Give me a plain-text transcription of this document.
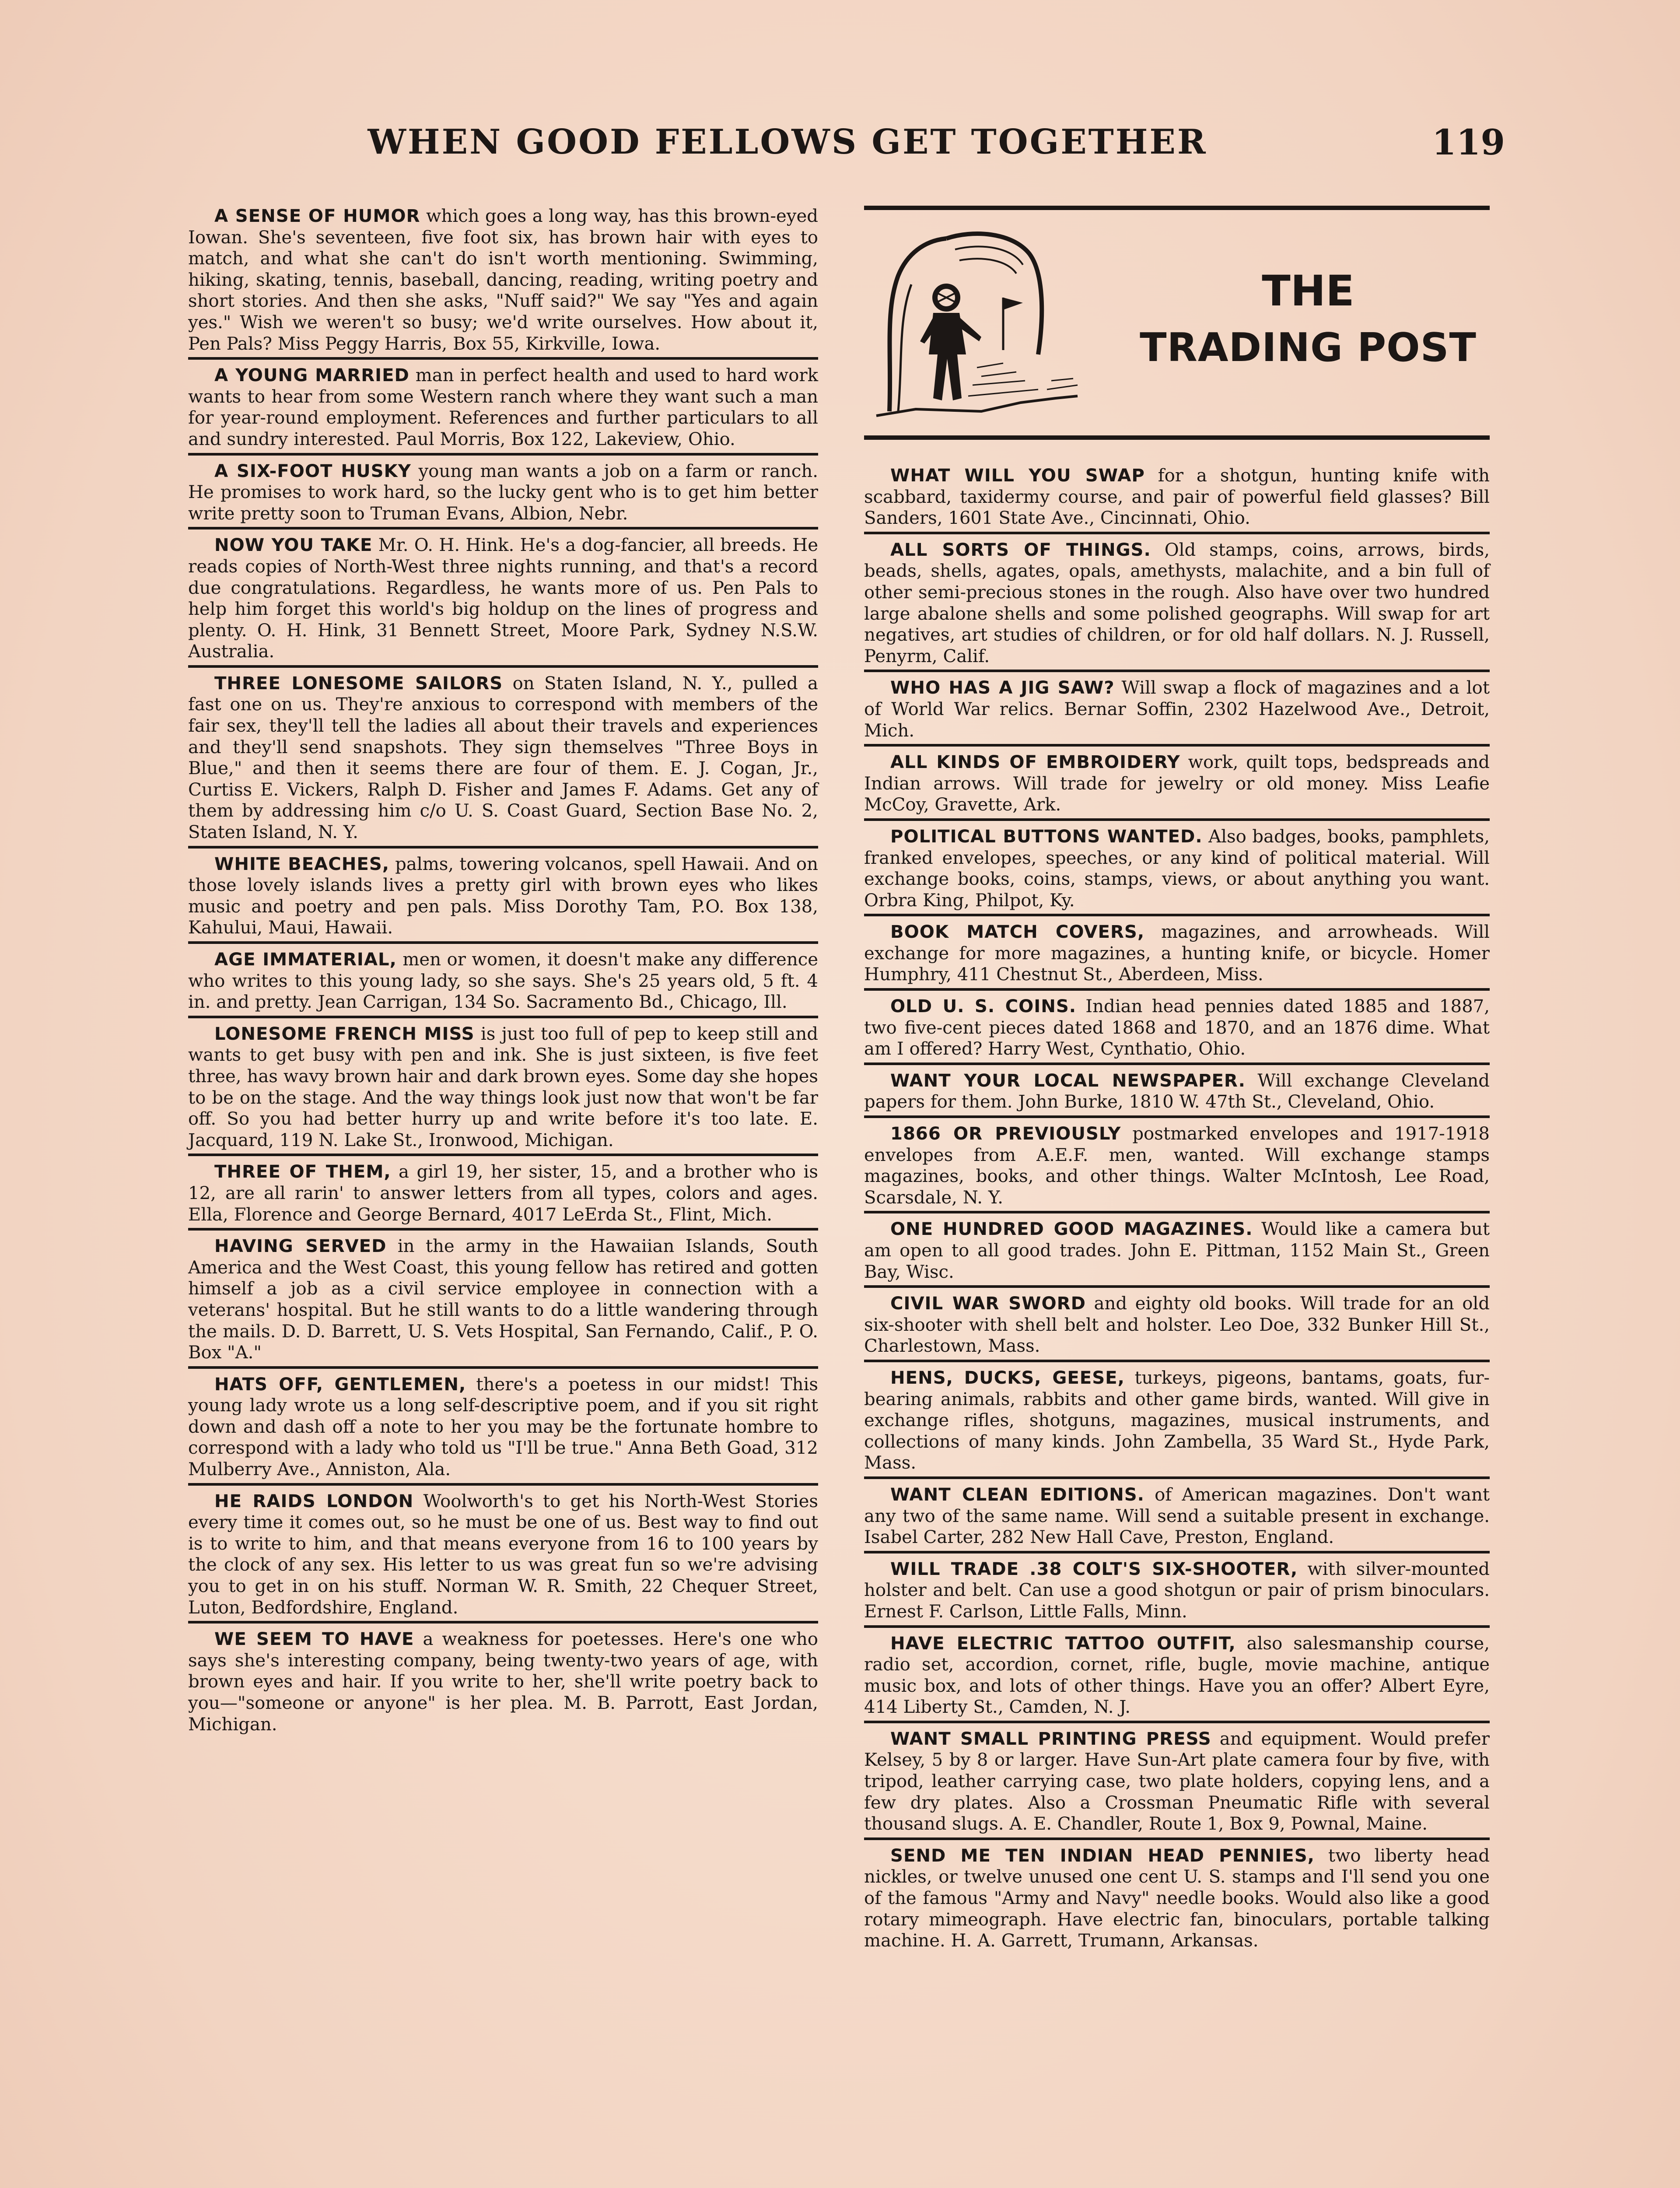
WHEN GOOD FELLOWS GET TOGETHER	119
A SENSE OF HUMOR which goes a long way, has this brown-eyed Iowan. She's seventeen, five foot six, has brown hair with eyes to match, and what she can't do isn't worth mentioning. Swimming, hiking, skating, tennis, baseball, dancing, reading, writing poetry and short stories. And then she asks, "Nuff said?" We say "Yes and again yes." Wish we weren't so busy; we'd write ourselves. How about it, Pen Pals? Miss Peggy Harris, Box 55, Kirkville, Iowa.
A YOUNG MARRIED man in perfect health and used to hard work wants to hear from some Western ranch where they want such a man for year-round employment. References and further particulars to all and sundry interested. Paul Morris, Box 122, Lakeview, Ohio.
A SIX-FOOT HUSKY young man wants a job on a farm or ranch. He promises to work hard, so the lucky gent who is to get him better write pretty soon to Truman Evans, Albion, Nebr.
NOW YOU TAKE Mr. O. H. Hink. He's a dog-fancier, all breeds. He reads copies of North-West three nights running, and that's a record due congratulations. Regardless, he wants more of us. Pen Pals to help him forget this world's big holdup on the lines of progress and plenty. O. H. Hink, 31 Bennett Street, Moore Park, Sydney N.S.W. Australia.
THREE LONESOME SAILORS on Staten Island, N. Y., pulled a fast one on us. They're anxious to correspond with members of the fair sex, they'll tell the ladies all about their travels and experiences and they'll send snapshots. They sign themselves "Three Boys in Blue," and then it seems there are four of them. E. J. Cogan, Jr., Curtiss E. Vickers, Ralph D. Fisher and James F. Adams. Get any of them by addressing him c/o U. S. Coast Guard, Section Base No. 2, Staten Island, N. Y.
WHITE BEACHES, palms, towering volcanos, spell Hawaii. And on those lovely islands lives a pretty girl with brown eyes who likes music and poetry and pen pals. Miss Dorothy Tam, P.O. Box 138, Kahului, Maui, Hawaii.
AGE IMMATERIAL, men or women, it doesn't make any difference who writes to this young lady, so she says. She's 25 years old, 5 ft. 4 in. and pretty. Jean Carrigan, 134 So. Sacramento Bd., Chicago, Ill.
LONESOME FRENCH MISS is just too full of pep to keep still and wants to get busy with pen and ink. She is just sixteen, is five feet three, has wavy brown hair and dark brown eyes. Some day she hopes to be on the stage. And the way things look just now that won't be far off. So you had better hurry up and write before it's too late. E. Jacquard, 119 N. Lake St., Ironwood, Michigan.
THREE OF THEM, a girl 19, her sister, 15, and a brother who is 12, are all rarin' to answer letters from all types, colors and ages. Ella, Florence and George Bernard, 4017 LeErda St., Flint, Mich.
HAVING SERVED in the army in the Hawaiian Islands, South America and the West Coast, this young fellow has retired and gotten himself a job as a civil service employee in connection with a veterans' hospital. But he still wants to do a little wandering through the mails. D. D. Barrett, U. S. Vets Hospital, San Fernando, Calif., P. O. Box "A."
HATS OFF, GENTLEMEN, there's a poetess in our midst! This young lady wrote us a long self-descriptive poem, and if you sit right down and dash off a note to her you may be the fortunate hombre to correspond with a lady who told us "I'll be true." Anna Beth Goad, 312 Mulberry Ave., Anniston, Ala.
HE RAIDS LONDON Woolworth's to get his North-West Stories every time it comes out, so he must be one of us. Best way to find out is to write to him, and that means everyone from 16 to 100 years by the clock of any sex. His letter to us was great fun so we're advising you to get in on his stuff. Norman W. R. Smith, 22 Chequer Street, Luton, Bedfordshire, England.
WE SEEM TO HAVE a weakness for poetesses. Here's one who says she's interesting company, being twenty-two years of age, with brown eyes and hair. If you write to her, she'll write poetry back to you—"someone or anyone" is her plea. M. B. Parrott, East Jordan, Michigan.
THE
TRADING POST
WHAT WILL YOU SWAP for a shotgun, hunting knife with scabbard, taxidermy course, and pair of powerful field glasses? Bill Sanders, 1601 State Ave., Cincinnati, Ohio.
ALL SORTS OF THINGS. Old stamps, coins, arrows, birds, beads, shells, agates, opals, amethysts, malachite, and a bin full of other semi-precious stones in the rough. Also have over two hundred large abalone shells and some polished geographs. Will swap for art negatives, art studies of children, or for old half dollars. N. J. Russell, Penyrm, Calif.
WHO HAS A JIG SAW? Will swap a flock of magazines and a lot of World War relics. Bernar Soffin, 2302 Hazelwood Ave., Detroit, Mich.
ALL KINDS OF EMBROIDERY work, quilt tops, bedspreads and Indian arrows. Will trade for jewelry or old money. Miss Leafie McCoy, Gravette, Ark.
POLITICAL BUTTONS WANTED. Also badges, books, pamphlets, franked envelopes, speeches, or any kind of political material. Will exchange books, coins, stamps, views, or about anything you want. Orbra King, Philpot, Ky.
BOOK MATCH COVERS, magazines, and arrowheads. Will exchange for more magazines, a hunting knife, or bicycle. Homer Humphry, 411 Chestnut St., Aberdeen, Miss.
OLD U. S. COINS. Indian head pennies dated 1885 and 1887, two five-cent pieces dated 1868 and 1870, and an 1876 dime. What am I offered? Harry West, Cynthatio, Ohio.
WANT YOUR LOCAL NEWSPAPER. Will exchange Cleveland papers for them. John Burke, 1810 W. 47th St., Cleveland, Ohio.
1866 OR PREVIOUSLY postmarked envelopes and 1917-1918 envelopes from A.E.F. men, wanted. Will exchange stamps magazines, books, and other things. Walter McIntosh, Lee Road, Scarsdale, N. Y.
ONE HUNDRED GOOD MAGAZINES. Would like a camera but am open to all good trades. John E. Pittman, 1152 Main St., Green Bay, Wisc.
CIVIL WAR SWORD and eighty old books. Will trade for an old six-shooter with shell belt and holster. Leo Doe, 332 Bunker Hill St., Charlestown, Mass.
HENS, DUCKS, GEESE, turkeys, pigeons, bantams, goats, fur-bearing animals, rabbits and other game birds, wanted. Will give in exchange rifles, shotguns, magazines, musical instruments, and collections of many kinds. John Zambella, 35 Ward St., Hyde Park, Mass.
WANT CLEAN EDITIONS. of American magazines. Don't want any two of the same name. Will send a suitable present in exchange. Isabel Carter, 282 New Hall Cave, Preston, England.
WILL TRADE .38 COLT'S SIX-SHOOTER, with silver-mounted holster and belt. Can use a good shotgun or pair of prism binoculars. Ernest F. Carlson, Little Falls, Minn.
HAVE ELECTRIC TATTOO OUTFIT, also salesmanship course, radio set, accordion, cornet, rifle, bugle, movie machine, antique music box, and lots of other things. Have you an offer? Albert Eyre, 414 Liberty St., Camden, N. J.
WANT SMALL PRINTING PRESS and equipment. Would prefer Kelsey, 5 by 8 or larger. Have Sun-Art plate camera four by five, with tripod, leather carrying case, two plate holders, copying lens, and a few dry plates. Also a Crossman Pneumatic Rifle with several thousand slugs. A. E. Chandler, Route 1, Box 9, Pownal, Maine.
SEND ME TEN INDIAN HEAD PENNIES, two liberty head nickles, or twelve unused one cent U. S. stamps and I'll send you one of the famous "Army and Navy" needle books. Would also like a good rotary mimeograph. Have electric fan, binoculars, portable talking machine. H. A. Garrett, Trumann, Arkansas.
